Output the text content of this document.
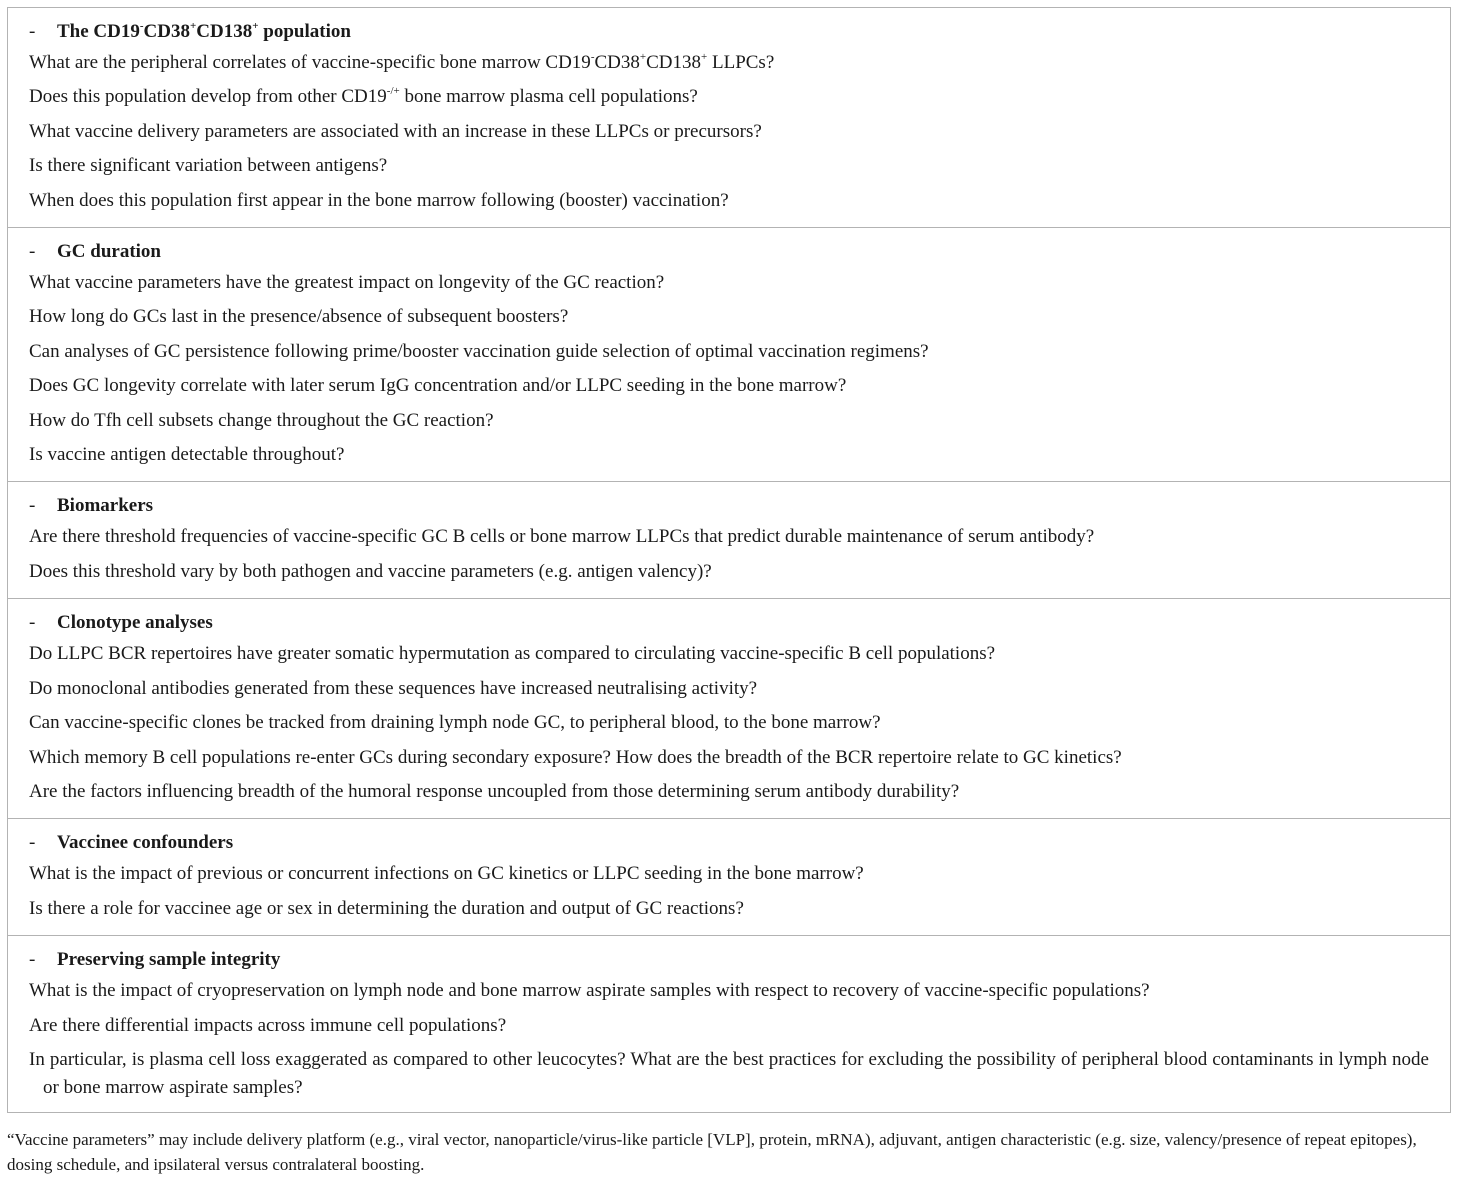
-	The CD19-CD38+CD138+ population
What are the peripheral correlates of vaccine-specific bone marrow CD19-CD38+CD138+ LLPCs?
Does this population develop from other CD19-/+ bone marrow plasma cell populations?
What vaccine delivery parameters are associated with an increase in these LLPCs or precursors?
Is there significant variation between antigens?
When does this population first appear in the bone marrow following (booster) vaccination?
-	GC duration
What vaccine parameters have the greatest impact on longevity of the GC reaction?
How long do GCs last in the presence/absence of subsequent boosters?
Can analyses of GC persistence following prime/booster vaccination guide selection of optimal vaccination regimens?
Does GC longevity correlate with later serum IgG concentration and/or LLPC seeding in the bone marrow?
How do Tfh cell subsets change throughout the GC reaction?
Is vaccine antigen detectable throughout?
-	Biomarkers
Are there threshold frequencies of vaccine-specific GC B cells or bone marrow LLPCs that predict durable maintenance of serum antibody?
Does this threshold vary by both pathogen and vaccine parameters (e.g. antigen valency)?
-	Clonotype analyses
Do LLPC BCR repertoires have greater somatic hypermutation as compared to circulating vaccine-specific B cell populations?
Do monoclonal antibodies generated from these sequences have increased neutralising activity?
Can vaccine-specific clones be tracked from draining lymph node GC, to peripheral blood, to the bone marrow?
Which memory B cell populations re-enter GCs during secondary exposure? How does the breadth of the BCR repertoire relate to GC kinetics?
Are the factors influencing breadth of the humoral response uncoupled from those determining serum antibody durability?
-	Vaccinee confounders
What is the impact of previous or concurrent infections on GC kinetics or LLPC seeding in the bone marrow?
Is there a role for vaccinee age or sex in determining the duration and output of GC reactions?
-	Preserving sample integrity
What is the impact of cryopreservation on lymph node and bone marrow aspirate samples with respect to recovery of vaccine-specific populations?
Are there differential impacts across immune cell populations?
In particular, is plasma cell loss exaggerated as compared to other leucocytes? What are the best practices for excluding the possibility of peripheral blood contaminants in lymph node or bone marrow aspirate samples?
“Vaccine parameters” may include delivery platform (e.g., viral vector, nanoparticle/virus-like particle [VLP], protein, mRNA), adjuvant, antigen characteristic (e.g. size, valency/presence of repeat epitopes), dosing schedule, and ipsilateral versus contralateral boosting.
